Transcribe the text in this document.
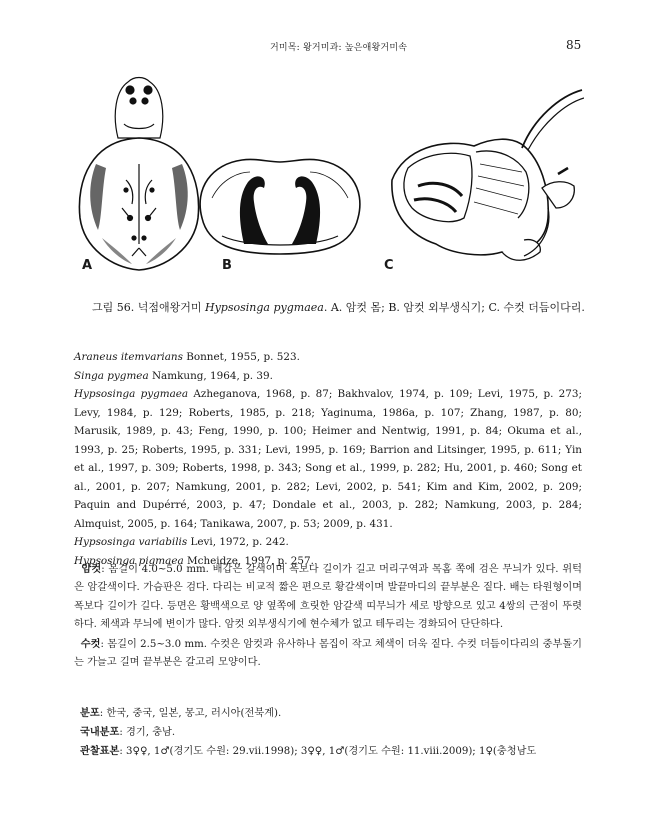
거미목: 왕거미과: 높은애왕거미속	85
A	B	C
그림 56. 넉점애왕거미 Hypsosinga pygmaea. A. 암컷 몸; B. 암컷 외부생식기; C. 수컷 더듬이다리.

Araneus itemvarians Bonnet, 1955, p. 523.

Singa pygmea Namkung, 1964, p. 39.

Hypsosinga pygmaea Azheganova, 1968, p. 87; Bakhvalov, 1974, p. 109; Levi, 1975, p. 273; Levy, 1984, p. 129; Roberts, 1985, p. 218; Yaginuma, 1986a, p. 107; Zhang, 1987, p. 80; Marusik, 1989, p. 43; Feng, 1990, p. 100; Heimer and Nentwig, 1991, p. 84; Okuma et al., 1993, p. 25; Roberts, 1995, p. 331; Levi, 1995, p. 169; Barrion and Litsinger, 1995, p. 611; Yin et al., 1997, p. 309; Roberts, 1998, p. 343; Song et al., 1999, p. 282; Hu, 2001, p. 460; Song et al., 2001, p. 207; Namkung, 2001, p. 282; Levi, 2002, p. 541; Kim and Kim, 2002, p. 209; Paquin and Dupérré, 2003, p. 47; Dondale et al., 2003, p. 282; Namkung, 2003, p. 284; Almquist, 2005, p. 164; Tanikawa, 2007, p. 53; 2009, p. 431.

Hypsosinga variabilis Levi, 1972, p. 242.

Hypsosinga pigmaea Mcheidze, 1997, p. 257.

암컷: 몸길이 4.0~5.0 mm. 배갑은 갈색이며 폭보다 길이가 길고 머리구역과 목홈 쪽에 검은 무늬가 있다. 위턱은 암갈색이다. 가슴판은 검다. 다리는 비교적 짧은 편으로 황갈색이며 발끝마디의 끝부분은 짙다. 배는 타원형이며 폭보다 길이가 길다. 등면은 황백색으로 양 옆쪽에 흐릿한 암갈색 띠무늬가 세로 방향으로 있고 4쌍의 근점이 뚜렷하다. 체색과 무늬에 변이가 많다. 암컷 외부생식기에 현수체가 없고 테두리는 경화되어 단단하다.

수컷: 몸길이 2.5~3.0 mm. 수컷은 암컷과 유사하나 몸집이 작고 체색이 더욱 짙다. 수컷 더듬이다리의 중부돌기는 가늘고 길며 끝부분은 갈고리 모양이다.

분포: 한국, 중국, 일본, 몽고, 러시아(전북계).

국내분포: 경기, 충남.

관찰표본: 3♀♀, 1♂(경기도 수원: 29.vii.1998); 3♀♀, 1♂(경기도 수원: 11.viii.2009); 1♀(충청남도
